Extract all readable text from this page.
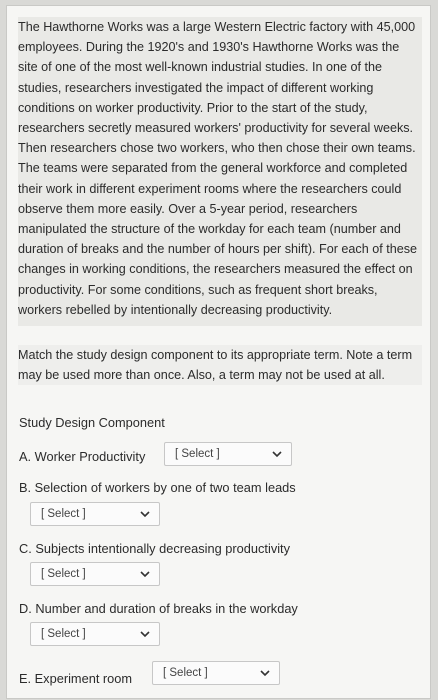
The Hawthorne Works was a large Western Electric factory with 45,000 employees. During the 1920's and 1930's Hawthorne Works was the site of one of the most well-known industrial studies. In one of the studies, researchers investigated the impact of different working conditions on worker productivity. Prior to the start of the study, researchers secretly measured workers' productivity for several weeks. Then researchers chose two workers, who then chose their own teams. The teams were separated from the general workforce and completed their work in different experiment rooms where the researchers could observe them more easily. Over a 5-year period, researchers manipulated the structure of the workday for each team (number and duration of breaks and the number of hours per shift). For each of these changes in working conditions, the researchers measured the effect on productivity. For some conditions, such as frequent short breaks, workers rebelled by intentionally decreasing productivity.
Match the study design component to its appropriate term. Note a term may be used more than once. Also, a term may not be used at all.
Study Design Component
A. Worker Productivity	[ Select ]
B. Selection of workers by one of two team leads
[ Select ]
C. Subjects intentionally decreasing productivity
[ Select ]
D. Number and duration of breaks in the workday
[ Select ]
E. Experiment room	[ Select ]
